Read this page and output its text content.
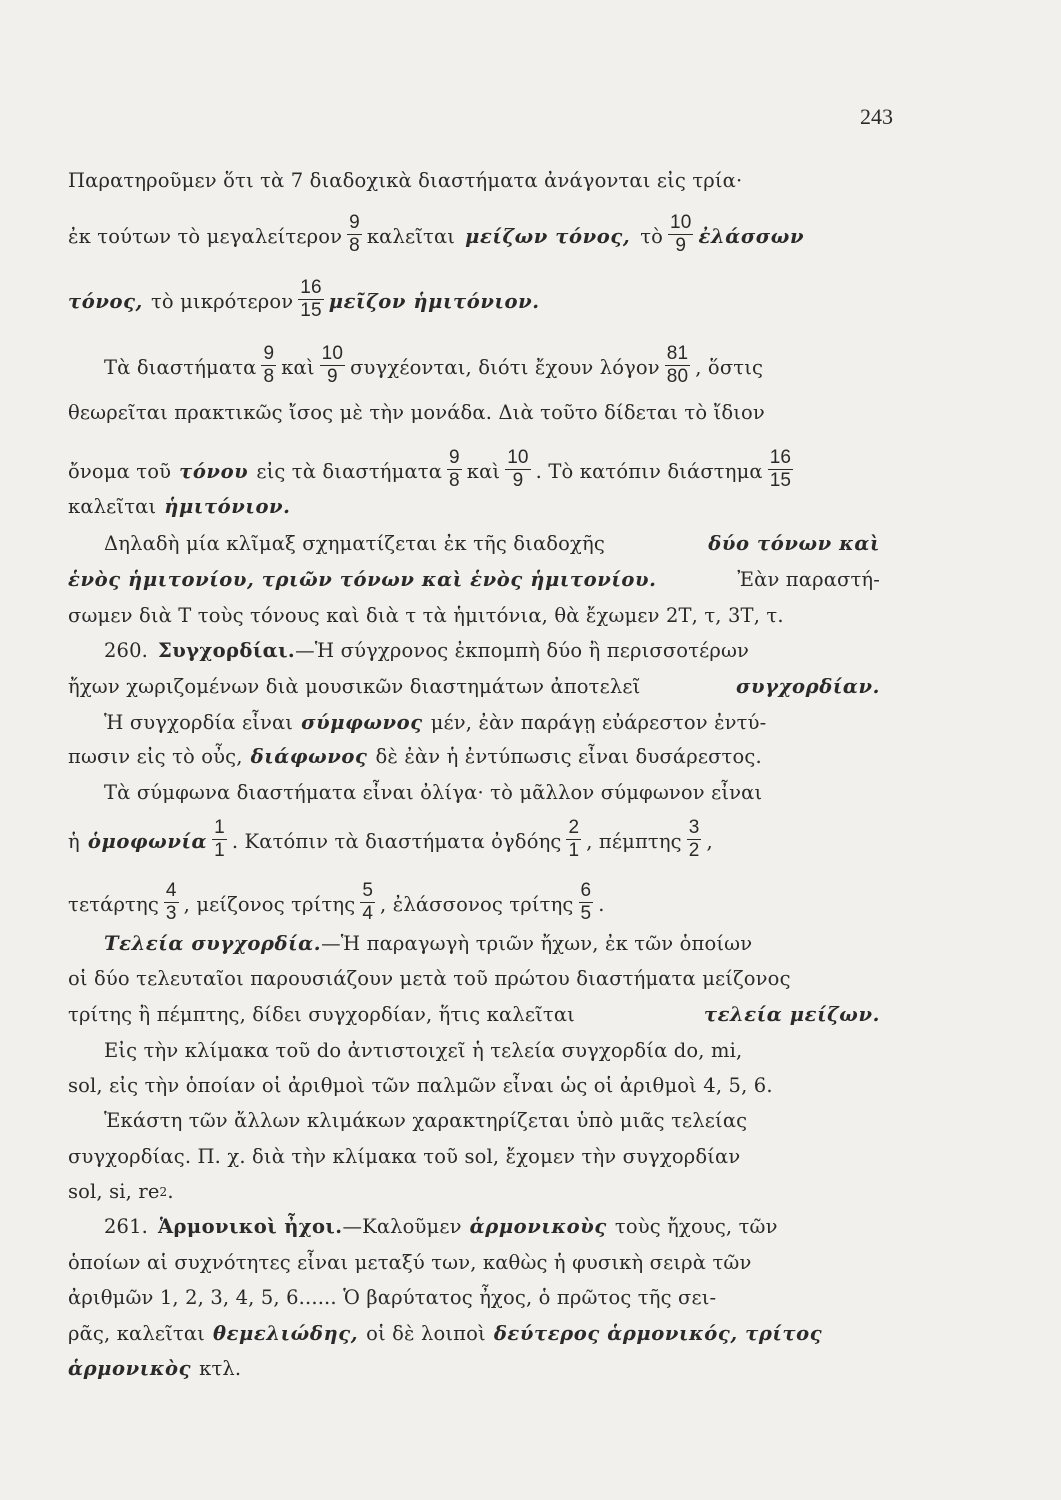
243
Παρατηροῦμεν ὅτι τὰ 7 διαδοχικὰ διαστήματα ἀνάγονται εἰς τρία·
ἐκ τούτων τὸ μεγαλείτερον $\frac{9}{8}$ καλεῖται μείζων τόνος, τὸ $\frac{10}{9}$ ἐλάσσων
τόνος, τὸ μικρότερον $\frac{16}{15}$ μεῖζον ἡμιτόνιον.
Τὰ διαστήματα $\frac{9}{8}$ καὶ $\frac{10}{9} \sigma\upsilon\gamma\chi έo\nu\tau\alpha\iota$, διότι ἔχουν λόγον $\frac{81}{80}$ , ὅστις
θεωρεῖται πρακτικῶς ἴσος μὲ τὴν μονάδα. Διὰ τοῦτο δίδεται τὸ ἴδιον
ὄνομα τοῦ τόνου εἰς τὰ διαστήματα $\frac{9}{8}$ καὶ $\frac{10}{9}$ . Τὸ κατόπιν διάστημα $\frac{16}{15}$
καλεῖται ἡμιτόνιον.
Δηλαδὴ μία κλῖμαξ σχηματίζεται ἐκ τῆς διαδοχῆς	δύο τόνων καὶ
ἑνὸς ἡμιτονίου, τριῶν τόνων καὶ ἑνὸς ἡμιτονίου.	Ἐὰν παραστή-
σωμεν διὰ Τ τοὺς τόνους καὶ διὰ τ τὰ ἡμιτόνια, θὰ ἔχωμεν 2Τ, τ, 3Τ, τ.
260. Συγχορδίαι. —Ἡ σύγχρονος ἐκπομπὴ δύο ἢ περισσοτέρων
ἤχων χωριζομένων διὰ μουσικῶν διαστημάτων ἀποτελεῖ	συγχορδίαν.
Ἡ συγχορδία εἶναι σύμφωνος μέν, ἐὰν παράγῃ εὐάρεστον ἐντύ-
πωσιν εἰς τὸ οὖς, διάφωνος δὲ ἐὰν ἡ ἐντύπωσις εἶναι δυσάρεστος.
Τὰ σύμφωνα διαστήματα εἶναι ὀλίγα· τὸ μᾶλλον σύμφωνον εἶναι
ἡ ὁμοφωνία $\frac{1}{1}$ . Κατόπιν τὰ διαστήματα ὀγδόης $\frac{2}{1}$ , πέμπτης $\frac{3}{2}$ ,
τετάρτης $\frac{4}{3}$ , μείζονος τρίτης $\frac{5}{4}$ , ἐλάσσονος τρίτης $\frac{6}{5}$ .
Τελεία συγχορδία. —Ἡ παραγωγὴ τριῶν ἤχων, ἐκ τῶν ὁποίων
οἱ δύο τελευταῖοι παρουσιάζουν μετὰ τοῦ πρώτου διαστήματα μείζονος
τρίτης ἢ πέμπτης, δίδει συγχορδίαν, ἥτις καλεῖται	τελεία μείζων.
Εἰς τὴν κλίμακα τοῦ do ἀντιστοιχεῖ ἡ τελεία συγχορδία do, mi,
sol, εἰς τὴν ὁποίαν οἱ ἀριθμοὶ τῶν παλμῶν εἶναι ὡς οἱ ἀριθμοὶ 4, 5, 6.
Ἑκάστη τῶν ἄλλων κλιμάκων χαρακτηρίζεται ὑπὸ μιᾶς τελείας
συγχορδίας. Π. χ. διὰ τὴν κλίμακα τοῦ sol, ἔχομεν τὴν συγχορδίαν
sol, si, re 2 .
261. Ἁρμονικοὶ ἦχοι. —Καλοῦμεν ἁρμονικοὺς τοὺς ἤχους, τῶν
ὁποίων αἱ συχνότητες εἶναι μεταξύ των, καθὼς ἡ φυσικὴ σειρὰ τῶν
ἀριθμῶν 1, 2, 3, 4, 5, 6...... Ὁ βαρύτατος ἦχος, ὁ πρῶτος τῆς σει-
ρᾶς, καλεῖται θεμελιώδης, οἱ δὲ λοιποὶ δεύτερος ἁρμονικός, τρίτος
ἁρμονικὸς κτλ.
